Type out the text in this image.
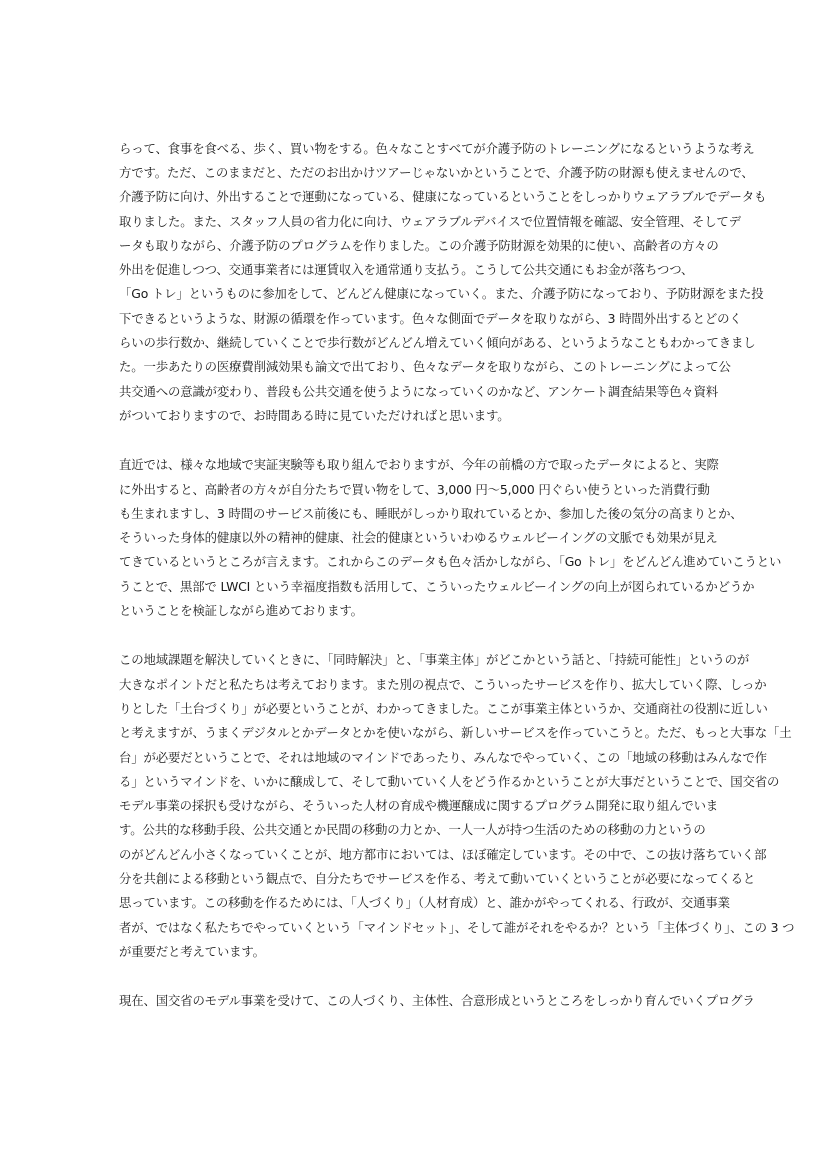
らって、食事を食べる、歩く、買い物をする。色々なことすべてが介護予防のトレーニングになるというような考え
方です。ただ、このままだと、ただのお出かけツアーじゃないかということで、介護予防の財源も使えませんので、
介護予防に向け、外出することで運動になっている、健康になっているということをしっかりウェアラブルでデータも
取りました。また、スタッフ人員の省力化に向け、ウェアラブルデバイスで位置情報を確認、安全管理、そしてデ
ータも取りながら、介護予防のプログラムを作りました。この介護予防財源を効果的に使い、高齢者の方々の
外出を促進しつつ、交通事業者には運賃収入を通常通り支払う。こうして公共交通にもお金が落ちつつ、
「Go トレ」というものに参加をして、どんどん健康になっていく。また、介護予防になっており、予防財源をまた投
下できるというような、財源の循環を作っています。色々な側面でデータを取りながら、3 時間外出するとどのく
らいの歩行数か、継続していくことで歩行数がどんどん増えていく傾向がある、というようなこともわかってきまし
た。一歩あたりの医療費削減効果も論文で出ており、色々なデータを取りながら、このトレーニングによって公
共交通への意識が変わり、普段も公共交通を使うようになっていくのかなど、アンケート調査結果等色々資料
がついておりますので、お時間ある時に見ていただければと思います。
直近では、様々な地域で実証実験等も取り組んでおりますが、今年の前橋の方で取ったデータによると、実際
に外出すると、高齢者の方々が自分たちで買い物をして、3,000 円～5,000 円ぐらい使うといった消費行動
も生まれますし、3 時間のサービス前後にも、睡眠がしっかり取れているとか、参加した後の気分の高まりとか、
そういった身体的健康以外の精神的健康、社会的健康といういわゆるウェルビーイングの文脈でも効果が見え
てきているというところが言えます。これからこのデータも色々活かしながら、「Go トレ」をどんどん進めていこうとい
うことで、黒部で LWCI という幸福度指数も活用して、こういったウェルビーイングの向上が図られているかどうか
ということを検証しながら進めております。
この地域課題を解決していくときに、「同時解決」と、「事業主体」がどこかという話と、「持続可能性」というのが
大きなポイントだと私たちは考えております。また別の視点で、こういったサービスを作り、拡大していく際、しっか
りとした「土台づくり」が必要ということが、わかってきました。ここが事業主体というか、交通商社の役割に近しい
と考えますが、うまくデジタルとかデータとかを使いながら、新しいサービスを作っていこうと。ただ、もっと大事な「土
台」が必要だということで、それは地域のマインドであったり、みんなでやっていく、この「地域の移動はみんなで作
る」というマインドを、いかに醸成して、そして動いていく人をどう作るかということが大事だということで、国交省の
モデル事業の採択も受けながら、そういった人材の育成や機運醸成に関するプログラム開発に取り組んでいま
す。公共的な移動手段、公共交通とか民間の移動の力とか、一人一人が持つ生活のための移動の力というの
のがどんどん小さくなっていくことが、地方都市においては、ほぼ確定しています。その中で、この抜け落ちていく部
分を共創による移動という観点で、自分たちでサービスを作る、考えて動いていくということが必要になってくると
思っています。この移動を作るためには、「人づくり」（人材育成）と、誰かがやってくれる、行政が、交通事業
者が、ではなく私たちでやっていくという「マインドセット」、そして誰がそれをやるか？という「主体づくり」、この 3 つ
が重要だと考えています。
現在、国交省のモデル事業を受けて、この人づくり、主体性、合意形成というところをしっかり育んでいくプログラ
